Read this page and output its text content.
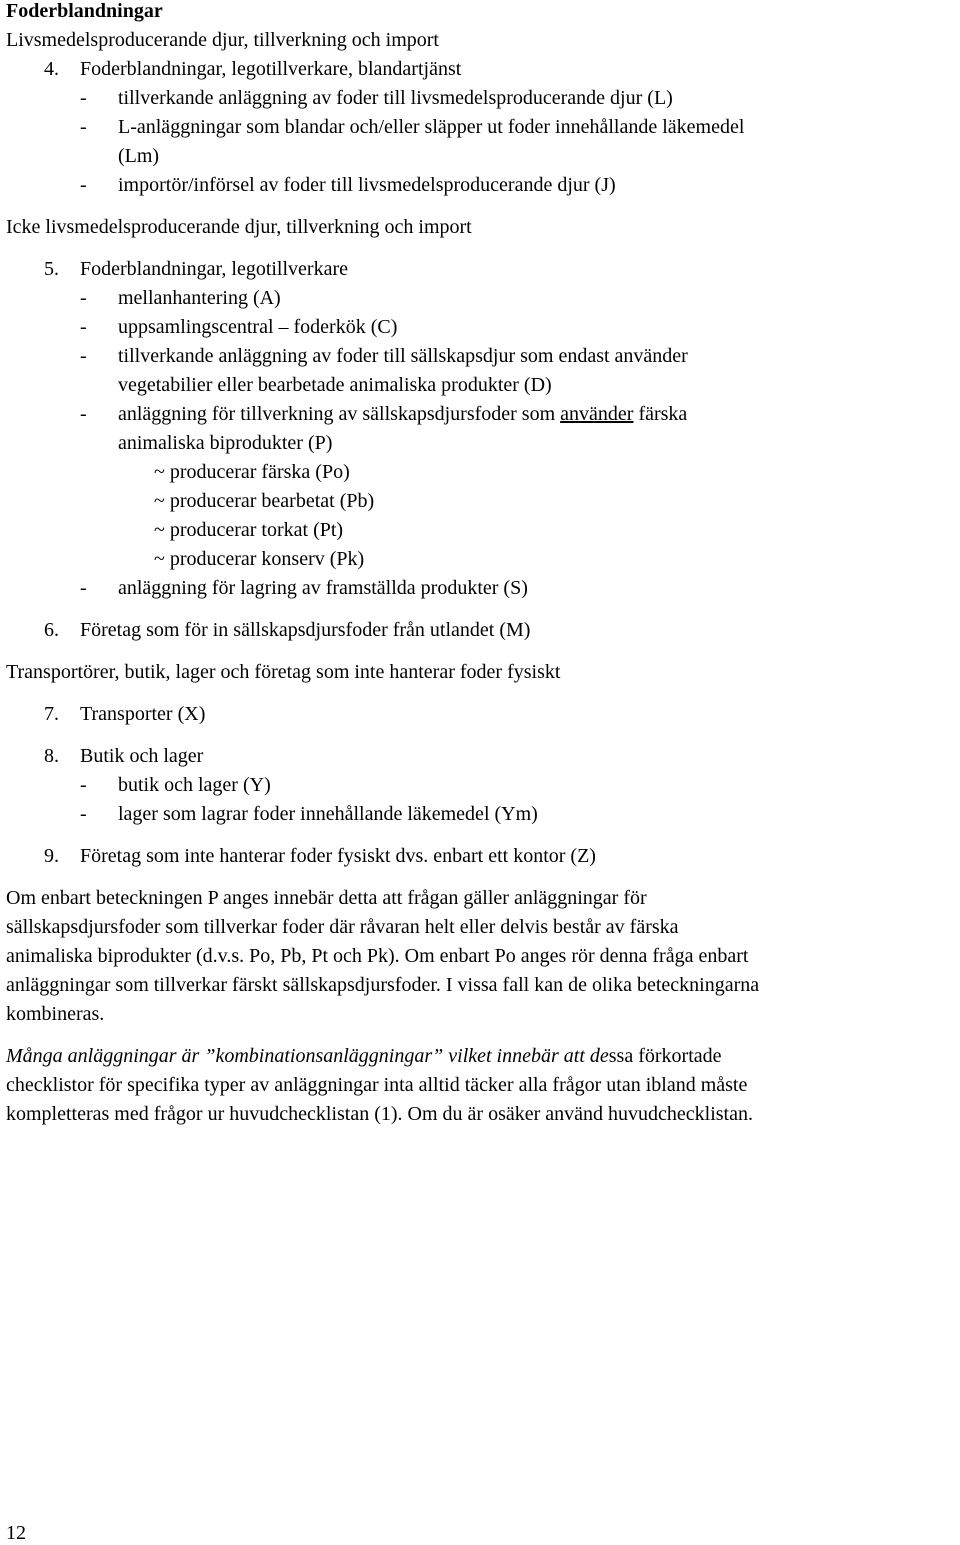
Foderblandningar
Livsmedelsproducerande djur, tillverkning och import
4. Foderblandningar, legotillverkare, blandartjänst
- tillverkande anläggning av foder till livsmedelsproducerande djur (L)
- L-anläggningar som blandar och/eller släpper ut foder innehållande läkemedel
(Lm)
- importör/införsel av foder till livsmedelsproducerande djur (J)
Icke livsmedelsproducerande djur, tillverkning och import
5. Foderblandningar, legotillverkare
- mellanhantering (A)
- uppsamlingscentral – foderkök (C)
- tillverkande anläggning av foder till sällskapsdjur som endast använder
vegetabilier eller bearbetade animaliska produkter (D)
- anläggning för tillverkning av sällskapsdjursfoder som använder färska
animaliska biprodukter (P)
~ producerar färska (Po)
~ producerar bearbetat (Pb)
~ producerar torkat (Pt)
~ producerar konserv (Pk)
- anläggning för lagring av framställda produkter (S)
6. Företag som för in sällskapsdjursfoder från utlandet (M)
Transportörer, butik, lager och företag som inte hanterar foder fysiskt
7. Transporter (X)
8. Butik och lager
- butik och lager (Y)
- lager som lagrar foder innehållande läkemedel (Ym)
9. Företag som inte hanterar foder fysiskt dvs. enbart ett kontor (Z)
Om enbart beteckningen P anges innebär detta att frågan gäller anläggningar för
sällskapsdjursfoder som tillverkar foder där råvaran helt eller delvis består av färska
animaliska biprodukter (d.v.s. Po, Pb, Pt och Pk). Om enbart Po anges rör denna fråga enbart
anläggningar som tillverkar färskt sällskapsdjursfoder. I vissa fall kan de olika beteckningarna
kombineras.
Många anläggningar är ”kombinationsanläggningar” vilket innebär att dessa förkortade
checklistor för specifika typer av anläggningar inta alltid täcker alla frågor utan ibland måste
kompletteras med frågor ur huvudchecklistan (1). Om du är osäker använd huvudchecklistan.
12
